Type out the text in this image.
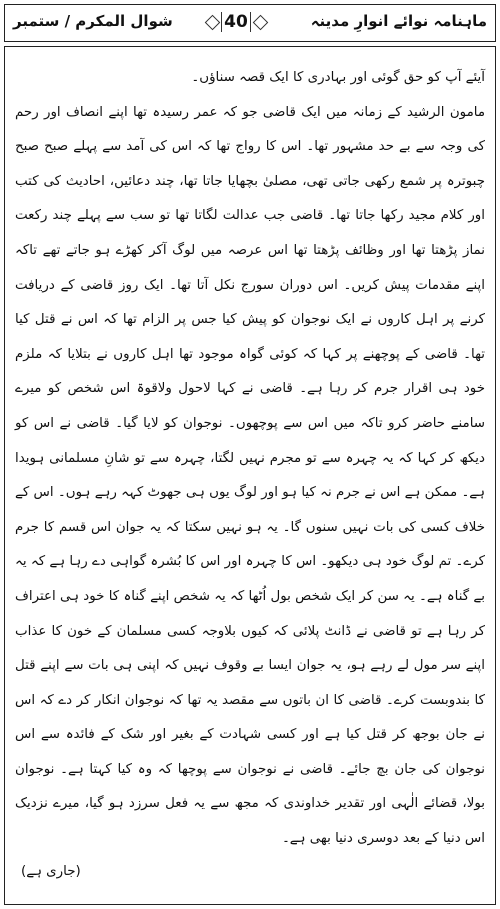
شوال المکرم / ستمبر	40	ماہنامہ نوائے انوارِ مدینہ

آیئے آپ کو حق گوئی اور بہادری کا ایک قصہ سناؤں۔
مامون الرشید کے زمانہ میں ایک قاضی جو کہ عمر رسیدہ تھا اپنے انصاف اور رحم کی وجہ سے بے حد مشہور تھا۔ اس کا رواج تھا کہ اس کی آمد سے پہلے صبح صبح چبوترہ پر شمع رکھی جاتی تھی، مصلیٰ بچھایا جاتا تھا، چند دعائیں، احادیث کی کتب اور کلام مجید رکھا جاتا تھا۔ قاضی جب عدالت لگاتا تھا تو سب سے پہلے چند رکعت نماز پڑھتا تھا اور وظائف پڑھتا تھا اس عرصہ میں لوگ آکر کھڑے ہو جاتے تھے تاکہ اپنے مقدمات پیش کریں۔ اس دوران سورج نکل آتا تھا۔ ایک روز قاضی کے دریافت کرنے پر اہل کاروں نے ایک نوجوان کو پیش کیا جس پر الزام تھا کہ اس نے قتل کیا تھا۔ قاضی کے پوچھنے پر کہا کہ کوئی گواہ موجود تھا اہل کاروں نے بتلایا کہ ملزم خود ہی اقرار جرم کر رہا ہے۔ قاضی نے کہا لاحول ولاقوۃ اس شخص کو میرے سامنے حاضر کرو تاکہ میں اس سے پوچھوں۔ نوجوان کو لایا گیا۔ قاضی نے اس کو دیکھ کر کہا کہ یہ چہرہ سے تو مجرم نہیں لگتا، چہرہ سے تو شانِ مسلمانی ہویدا ہے۔ ممکن ہے اس نے جرم نہ کیا ہو اور لوگ یوں ہی جھوٹ کہہ رہے ہوں۔ اس کے خلاف کسی کی بات نہیں سنوں گا۔ یہ ہو نہیں سکتا کہ یہ جوان اس قسم کا جرم کرے۔ تم لوگ خود ہی دیکھو۔ اس کا چہرہ اور اس کا بُشرہ گواہی دے رہا ہے کہ یہ بے گناہ ہے۔ یہ سن کر ایک شخص بول اُٹھا کہ یہ شخص اپنے گناہ کا خود ہی اعتراف کر رہا ہے تو قاضی نے ڈانٹ پلائی کہ کیوں بلاوجہ کسی مسلمان کے خون کا عذاب اپنے سر مول لے رہے ہو، یہ جوان ایسا بے وقوف نہیں کہ اپنی ہی بات سے اپنے قتل کا بندوبست کرے۔ قاضی کا ان باتوں سے مقصد یہ تھا کہ نوجوان انکار کر دے کہ اس نے جان بوجھ کر قتل کیا ہے اور کسی شہادت کے بغیر اور شک کے فائدہ سے اس نوجوان کی جان بچ جائے۔ قاضی نے نوجوان سے پوچھا کہ وہ کیا کہتا ہے۔ نوجوان بولا، قضائے الٰہی اور تقدیر خداوندی کہ مجھ سے یہ فعل سرزد ہو گیا، میرے نزدیک اس دنیا کے بعد دوسری دنیا بھی ہے۔

(جاری ہے)
